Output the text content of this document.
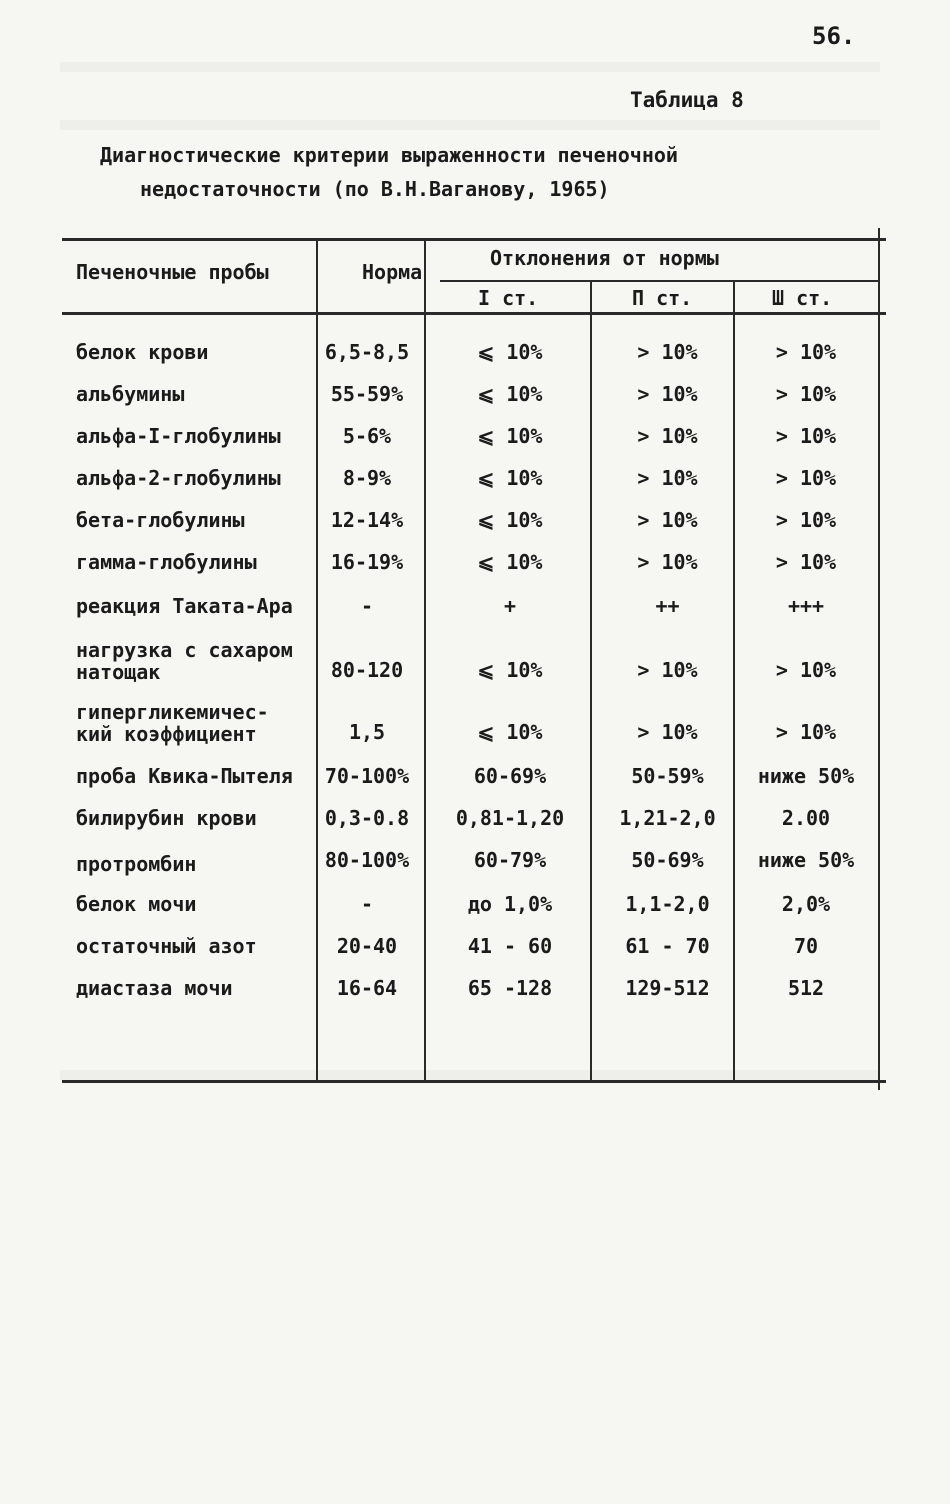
56.
Таблица 8
Диагностические критерии выраженности печеночной
недостаточности (по В.Н.Ваганову, 1965)
Печеночные пробы	Норма
Отклонения от нормы
I ст.	П ст.	Ш ст.
белок крови	6,5-8,5	⩽ 10%	> 10%	> 10%
альбумины	55-59%	⩽ 10%	> 10%	> 10%
альфа-I-глобулины	5-6%	⩽ 10%	> 10%	> 10%
альфа-2-глобулины	8-9%	⩽ 10%	> 10%	> 10%
бета-глобулины	12-14%	⩽ 10%	> 10%	> 10%
гамма-глобулины	16-19%	⩽ 10%	> 10%	> 10%
реакция Таката-Ара	-	+	++	+++
нагрузка с сахаром
натощак	80-120	⩽ 10%	> 10%	> 10%
гипергликемичес-
кий коэффициент	1,5	⩽ 10%	> 10%	> 10%
проба Квика-Пытеля	70-100%	60-69%	50-59%	ниже 50%
билирубин крови	0,3-0.8	0,81-1,20	1,21-2,0	2.00
протромбин	80-100%	60-79%	50-69%	ниже 50%
белок мочи	-	до 1,0%	1,1-2,0	2,0%
остаточный азот	20-40	41 - 60	61 - 70	70
диастаза мочи	16-64	65 -128	129-512	512
